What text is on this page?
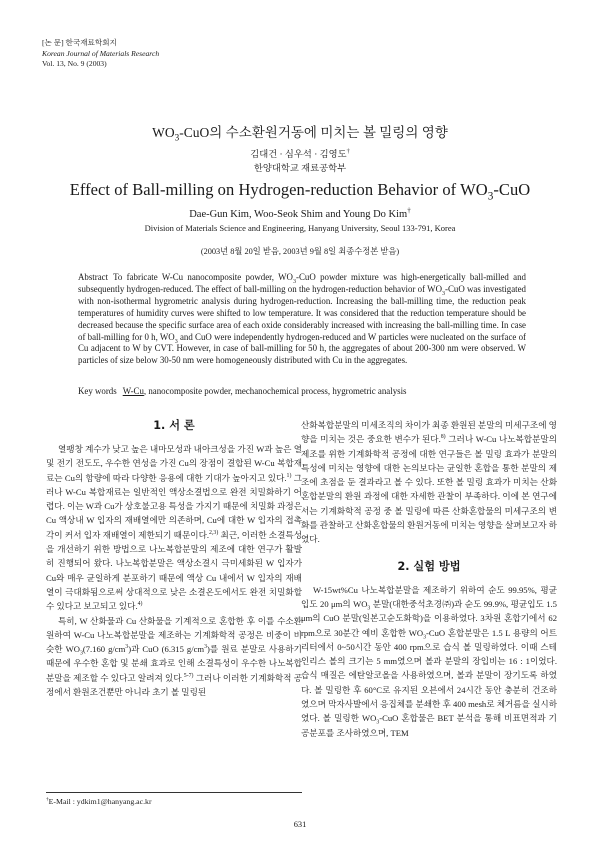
[논 문] 한국재료학회지
Korean Journal of Materials Research
Vol. 13, No. 9 (2003)
$WO_3$-CuO의 수소환원거동에 미치는 볼 밀링의 영향
김대건 · 심우석 · 김영도†
한양대학교 재료공학부
Effect of Ball-milling on Hydrogen-reduction Behavior of $WO_3$-CuO
Dae-Gun Kim, Woo-Seok Shim and Young Do Kim†
Division of Materials Science and Engineering, Hanyang University, Seoul 133-791, Korea
(2003년 8월 20일 받음, 2003년 9월 8일 최종수정본 받음)
Abstract To fabricate W-Cu nanocomposite powder, $WO_3$-CuO powder mixture was high-energetically ball-milled and subsequently hydrogen-reduced. The effect of ball-milling on the hydrogen-reduction behavior of $WO_3$-CuO was investigated with non-isothermal hygrometric analysis during hydrogen-reduction. Increasing the ball-milling time, the reduction peak temperatures of humidity curves were shifted to low temperature. It was considered that the reduction temperature should be decreased because the specific surface area of each oxide considerably increased with increasing the ball-milling time. In case of ball-milling for 0 h, $WO_3$ and CuO were independently hydrogen-reduced and W particles were nucleated on the surface of Cu adjacent to W by CVT. However, in case of ball-milling for 50 h, the aggregates of about 200-300 nm were observed. W particles of size below 30-50 nm were homogeneously distributed with Cu in the aggregates.
Key words W-Cu, nanocomposite powder, mechanochemical process, hygrometric analysis
1. 서 론

열팽창 계수가 낮고 높은 내마모성과 내아크성을 가진 W과 높은 열 및 전기 전도도, 우수한 연성을 가진 Cu의 장점이 결합된 W-Cu 복합재료는 Cu의 함량에 따라 다양한 응용에 대한 기대가 높아지고 있다.$^{1)}$ 그러나 W-Cu 복합재료는 일반적인 액상소결법으로 완전 치밀화하기 어렵다. 이는 W과 Cu가 상호불고용 특성을 가지기 때문에 치밀화 과정은 Cu 액상내 W 입자의 재배열에만 의존하며, Cu에 대한 W 입자의 접촉각이 커서 입자 재배열이 제한되기 때문이다.$^{2,3)}$ 최근, 이러한 소결특성을 개선하기 위한 방법으로 나노복합분말의 제조에 대한 연구가 활발히 진행되어 왔다. 나노복합분말은 액상소결시 극미세화된 W 입자가 Cu와 매우 균일하게 분포하기 때문에 액상 Cu 내에서 W 입자의 재배열이 극대화됨으로써 상대적으로 낮은 소결온도에서도 완전 치밀화할 수 있다고 보고되고 있다.$^{4)}$

특히, W 산화물과 Cu 산화물을 기계적으로 혼합한 후 이를 수소환원하여 W-Cu 나노복합분말을 제조하는 기계화학적 공정은 비중이 비슷한 $WO_3(7.160$ $g/cm^3$)과 CuO (6.315 $g/cm^3$)를 원료 분말로 사용하기 때문에 우수한 혼합 및 분쇄 효과로 인해 소결특성이 우수한 나노복합분말을 제조할 수 있다고 알려져 있다.$^{5-7)}$ 그러나 이러한 기계화학적 공정에서 환원조건뿐만 아니라 초기 볼 밀링된

산화복합분말의 미세조직의 차이가 최종 환원된 분말의 미세구조에 영향을 미치는 것은 중요한 변수가 된다.$^{8)}$ 그러나 W-Cu 나노복합분말의 제조를 위한 기계화학적 공정에 대한 연구들은 볼 밀링 효과가 분말의 특성에 미치는 영향에 대한 논의보다는 균일한 혼합을 통한 분말의 제조에 초점을 둔 결과라고 볼 수 있다. 또한 볼 밀링 효과가 미치는 산화혼합분말의 환원 과정에 대한 자세한 관찰이 부족하다. 이에 본 연구에서는 기계화학적 공정 중 볼 밀링에 따른 산화혼합물의 미세구조의 변화를 관찰하고 산화혼합물의 환원거동에 미치는 영향을 살펴보고자 하였다.

2. 실험 방법

W-15wt%Cu 나노복합분말을 제조하기 위하여 순도 99.95%, 평균입도 20 μm의 $WO_3$ 분말(대한중석초경㈜)과 순도 99.9%, 평균입도 1.5 μm의 CuO 분말(일본고순도화학)을 이용하였다. 3차원 혼합기에서 62 rpm으로 30분간 예비 혼합한 $WO_3$-CuO 혼합분말은 1.5 L 용량의 어트리터에서 0~50시간 동안 400 rpm으로 습식 볼 밀링하였다. 이때 스테인리스 볼의 크기는 5 mm였으며 볼과 분말의 장입비는 16 : 1이었다. 습식 매질은 에탄알코올을 사용하였으며, 볼과 분말이 장기도록 하였다. 볼 밀링한 후 60°C로 유지된 오븐에서 24시간 동안 충분히 건조하였으며 막자사발에서 응집체를 분쇄한 후 400 mesh로 체거름을 실시하였다. 볼 밀링한 $WO_3$-CuO 혼합물은 BET 분석을 통해 비표면적과 기공분포를 조사하였으며, TEM

†E-Mail : ydkim1@hanyang.ac.kr
631
